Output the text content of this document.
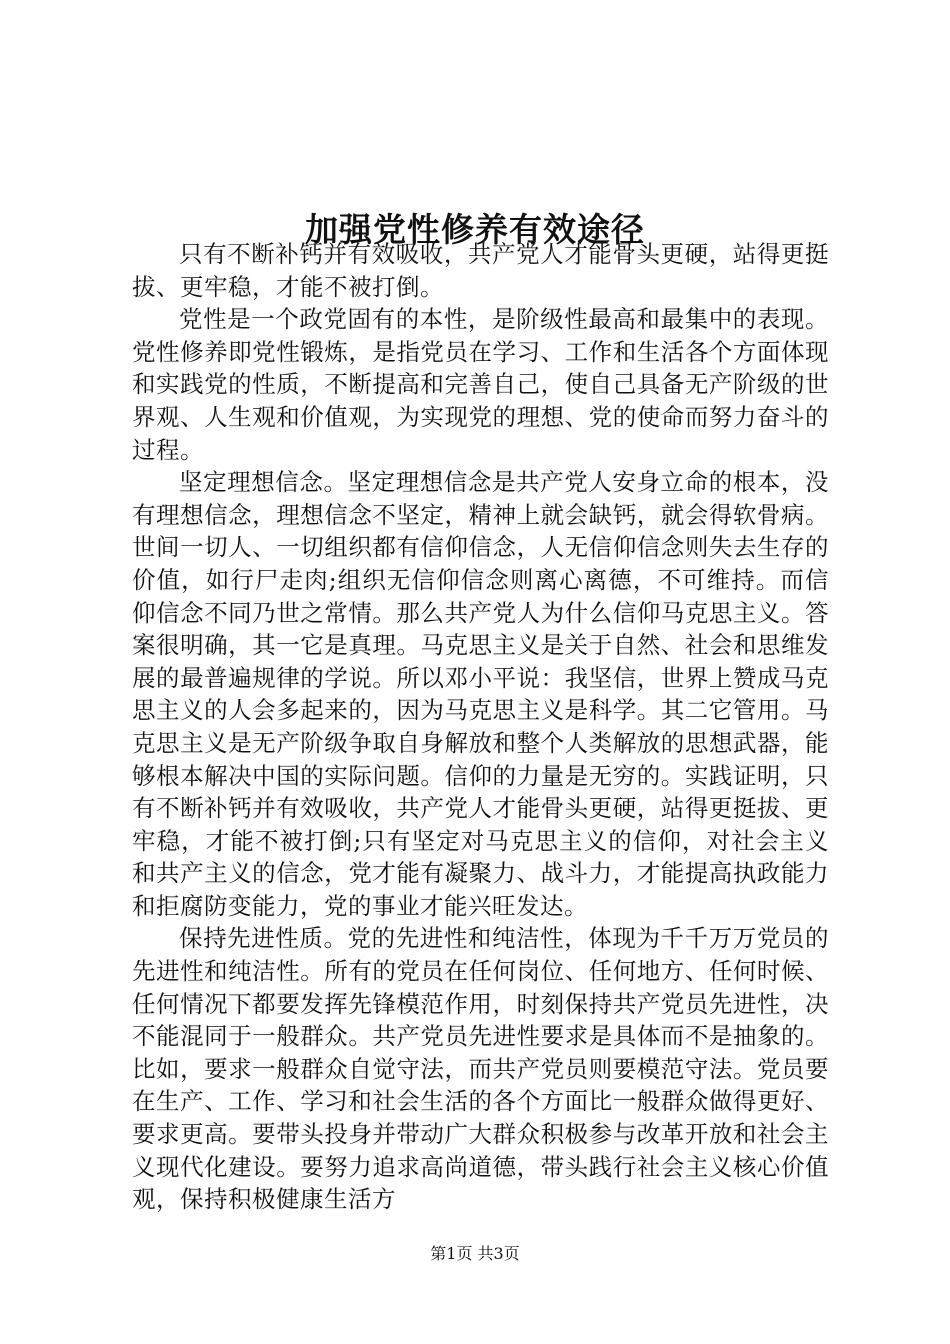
加强党性修养有效途径

只有不断补钙并有效吸收，共产党人才能骨头更硬，站得更挺拔、更牢稳，才能不被打倒。

党性是一个政党固有的本性，是阶级性最高和最集中的表现。党性修养即党性锻炼，是指党员在学习、工作和生活各个方面体现和实践党的性质，不断提高和完善自己，使自己具备无产阶级的世界观、人生观和价值观，为实现党的理想、党的使命而努力奋斗的过程。

坚定理想信念。坚定理想信念是共产党人安身立命的根本，没有理想信念，理想信念不坚定，精神上就会缺钙，就会得软骨病。世间一切人、一切组织都有信仰信念，人无信仰信念则失去生存的价值，如行尸走肉;组织无信仰信念则离心离德，不可维持。而信仰信念不同乃世之常情。那么共产党人为什么信仰马克思主义。答案很明确，其一它是真理。马克思主义是关于自然、社会和思维发展的最普遍规律的学说。所以邓小平说：我坚信，世界上赞成马克思主义的人会多起来的，因为马克思主义是科学。其二它管用。马克思主义是无产阶级争取自身解放和整个人类解放的思想武器，能够根本解决中国的实际问题。信仰的力量是无穷的。实践证明，只有不断补钙并有效吸收，共产党人才能骨头更硬，站得更挺拔、更牢稳，才能不被打倒;只有坚定对马克思主义的信仰，对社会主义和共产主义的信念，党才能有凝聚力、战斗力，才能提高执政能力和拒腐防变能力，党的事业才能兴旺发达。

保持先进性质。党的先进性和纯洁性，体现为千千万万党员的先进性和纯洁性。所有的党员在任何岗位、任何地方、任何时候、任何情况下都要发挥先锋模范作用，时刻保持共产党员先进性，决不能混同于一般群众。共产党员先进性要求是具体而不是抽象的。比如，要求一般群众自觉守法，而共产党员则要模范守法。党员要在生产、工作、学习和社会生活的各个方面比一般群众做得更好、要求更高。要带头投身并带动广大群众积极参与改革开放和社会主义现代化建设。要努力追求高尚道德，带头践行社会主义核心价值观，保持积极健康生活方

第1页 共3页
